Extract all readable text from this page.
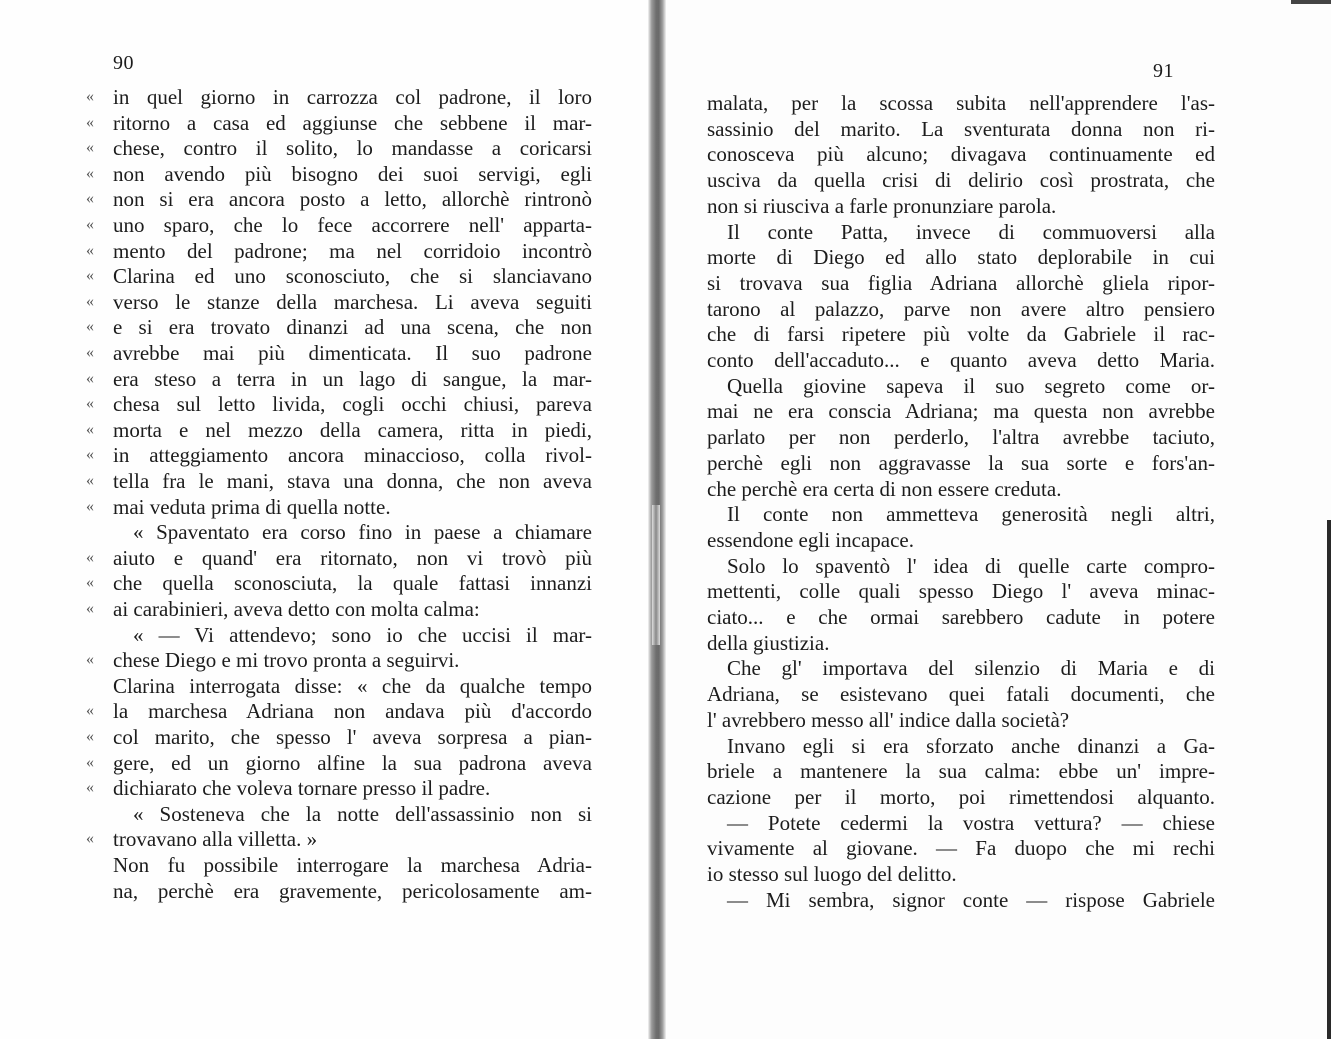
90
« in quel giorno in carrozza col padrone, il loro
« ritorno a casa ed aggiunse che sebbene il mar-
« chese, contro il solito, lo mandasse a coricarsi
« non avendo più bisogno dei suoi servigi, egli
« non si era ancora posto a letto, allorchè rintronò
« uno sparo, che lo fece accorrere nell' apparta-
« mento del padrone; ma nel corridoio incontrò
« Clarina ed uno sconosciuto, che si slanciavano
« verso le stanze della marchesa. Li aveva seguiti
« e si era trovato dinanzi ad una scena, che non
« avrebbe mai più dimenticata. Il suo padrone
« era steso a terra in un lago di sangue, la mar-
« chesa sul letto livida, cogli occhi chiusi, pareva
« morta e nel mezzo della camera, ritta in piedi,
« in atteggiamento ancora minaccioso, colla rivol-
« tella fra le mani, stava una donna, che non aveva
« mai veduta prima di quella notte.
« Spaventato era corso fino in paese a chiamare
« aiuto e quand' era ritornato, non vi trovò più
« che quella sconosciuta, la quale fattasi innanzi
« ai carabinieri, aveva detto con molta calma:
« — Vi attendevo; sono io che uccisi il mar-
« chese Diego e mi trovo pronta a seguirvi.
Clarina interrogata disse: « che da qualche tempo
« la marchesa Adriana non andava più d'accordo
« col marito, che spesso l' aveva sorpresa a pian-
« gere, ed un giorno alfine la sua padrona aveva
« dichiarato che voleva tornare presso il padre.
« Sosteneva che la notte dell'assassinio non si
« trovavano alla villetta. »
Non fu possibile interrogare la marchesa Adria-
na, perchè era gravemente, pericolosamente am-
91
malata, per la scossa subita nell'apprendere l'as-
sassinio del marito. La sventurata donna non ri-
conosceva più alcuno; divagava continuamente ed
usciva da quella crisi di delirio così prostrata, che
non si riusciva a farle pronunziare parola.
Il conte Patta, invece di commuoversi alla
morte di Diego ed allo stato deplorabile in cui
si trovava sua figlia Adriana allorchè gliela ripor-
tarono al palazzo, parve non avere altro pensiero
che di farsi ripetere più volte da Gabriele il rac-
conto dell'accaduto... e quanto aveva detto Maria.
Quella giovine sapeva il suo segreto come or-
mai ne era conscia Adriana; ma questa non avrebbe
parlato per non perderlo, l'altra avrebbe taciuto,
perchè egli non aggravasse la sua sorte e fors'an-
che perchè era certa di non essere creduta.
Il conte non ammetteva generosità negli altri,
essendone egli incapace.
Solo lo spaventò l' idea di quelle carte compro-
mettenti, colle quali spesso Diego l' aveva minac-
ciato... e che ormai sarebbero cadute in potere
della giustizia.
Che gl' importava del silenzio di Maria e di
Adriana, se esistevano quei fatali documenti, che
l' avrebbero messo all' indice dalla società?
Invano egli si era sforzato anche dinanzi a Ga-
briele a mantenere la sua calma: ebbe un' impre-
cazione per il morto, poi rimettendosi alquanto.
— Potete cedermi la vostra vettura? — chiese
vivamente al giovane. — Fa duopo che mi rechi
io stesso sul luogo del delitto.
— Mi sembra, signor conte — rispose Gabriele
